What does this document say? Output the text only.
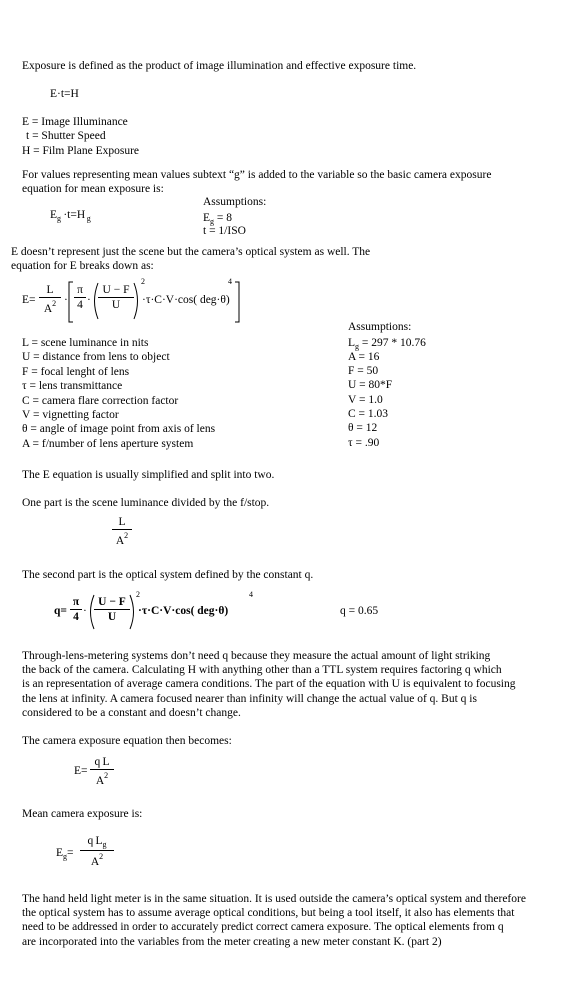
Exposure is defined as the product of image illumination and effective exposure time.
E·t=H
E = Image Illuminance
t = Shutter Speed
H = Film Plane Exposure
For values representing mean values subtext “g” is added to the variable so the basic camera exposure
equation for mean exposure is:
Assumptions:
$E_g \cdot t=H$ $_g$	$E_g = 8$
t = 1/ISO
E doesn’t represent just the scene but the camera’s optical system as well. The
equation for E breaks down as:
E=
L
$A^2$ ·
π
4 ·
U − F
U
2
·τ·C·V·cos( deg·θ)
4
L = scene luminance in nits
U = distance from lens to object
F = focal lenght of lens
τ = lens transmittance
C = camera flare correction factor
V = vignetting factor
θ = angle of image point from axis of lens
A = f/number of lens aperture system
Assumptions:
$L_g = 297 * 10.76$
A = 16
F = 50
U = 80*F
V = 1.0
C = 1.03
θ = 12
τ = .90
The E equation is usually simplified and split into two.
One part is the scene luminance divided by the f/stop.
L
$A^2$
The second part is the optical system defined by the constant q.
q=
π
4 ·
U − F
U
2
·τ·C·V·cos( deg·θ)
4
q = 0.65
Through-lens-metering systems don’t need q because they measure the actual amount of light striking
the back of the camera. Calculating H with anything other than a TTL system requires factoring q which
is an representation of average camera conditions. The part of the equation with U is equivalent to focusing
the lens at infinity. A camera focused nearer than infinity will change the actual value of q. But q is
considered to be a constant and doesn’t change.
The camera exposure equation then becomes:
E=
q L
$A^2$
Mean camera exposure is:
$E_g=$
q $L_g$
$A^2$
The hand held light meter is in the same situation. It is used outside the camera’s optical system and therefore
the optical system has to assume average optical conditions, but being a tool itself, it also has elements that
need to be addressed in order to accurately predict correct camera exposure. The optical elements from q
are incorporated into the variables from the meter creating a new meter constant K. (part 2)
